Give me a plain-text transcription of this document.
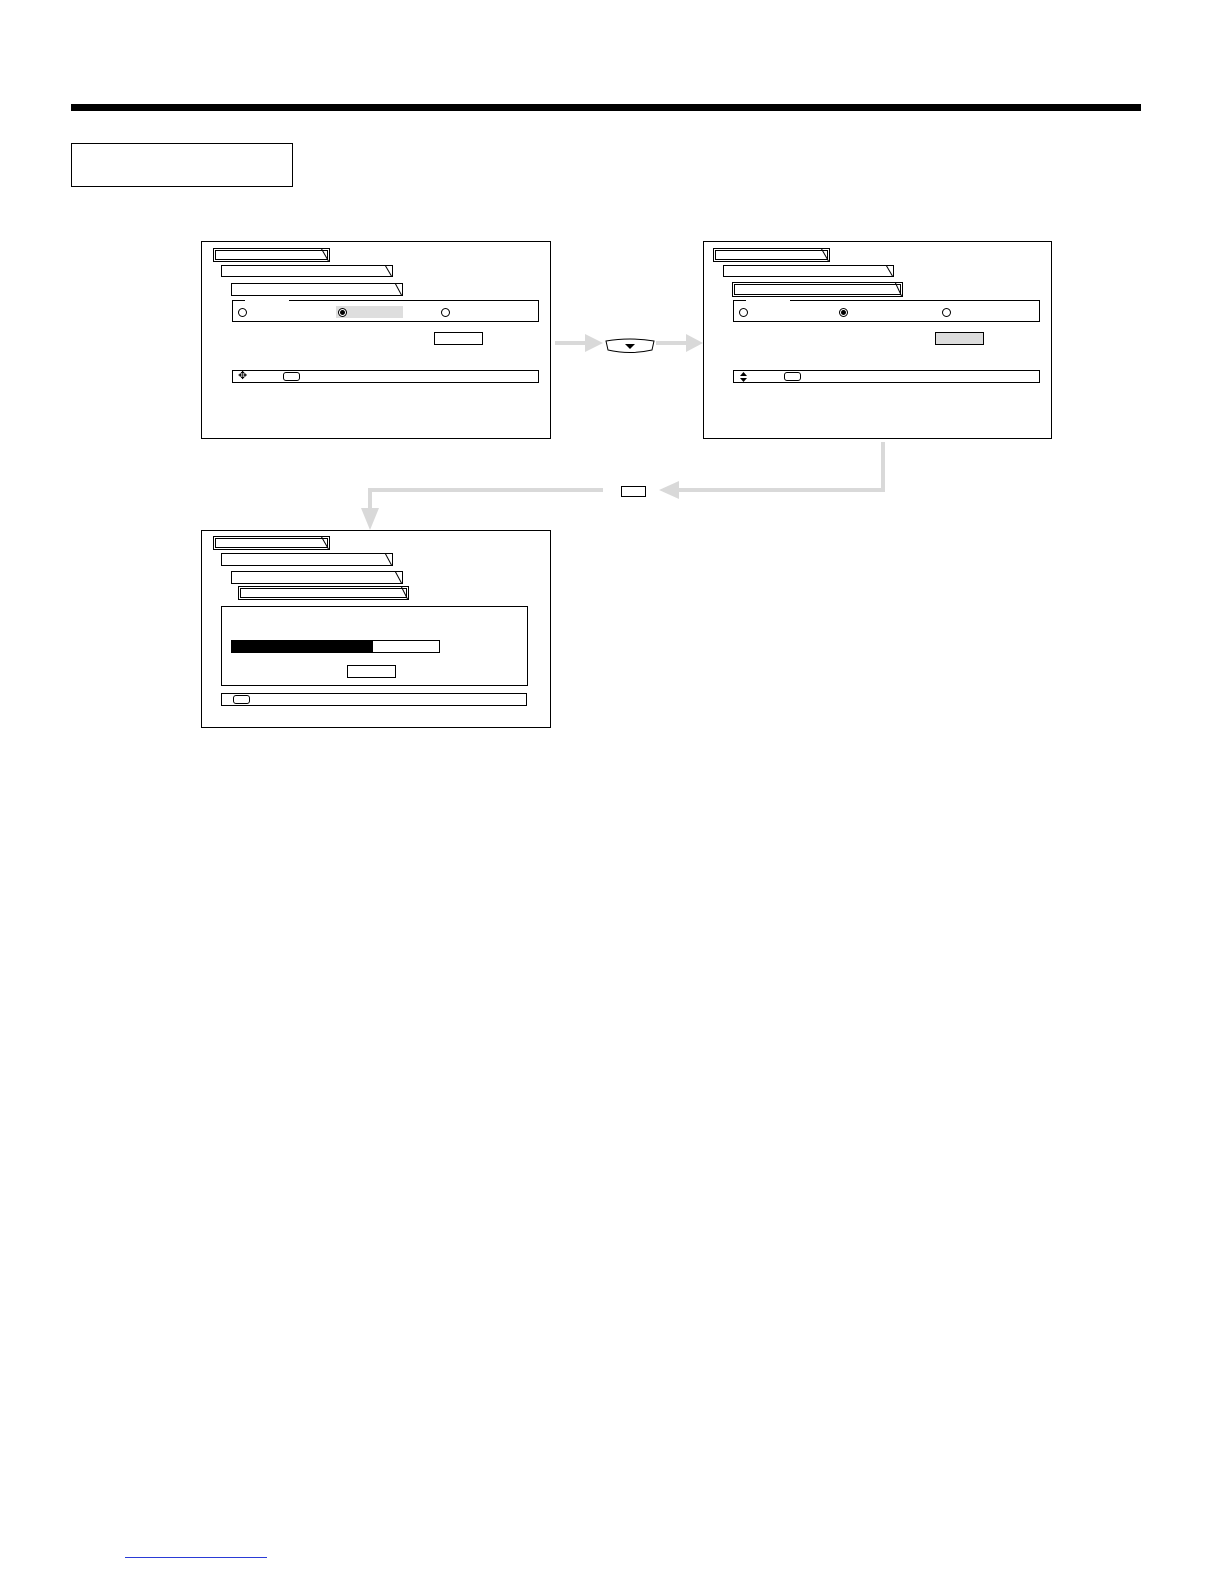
✥
